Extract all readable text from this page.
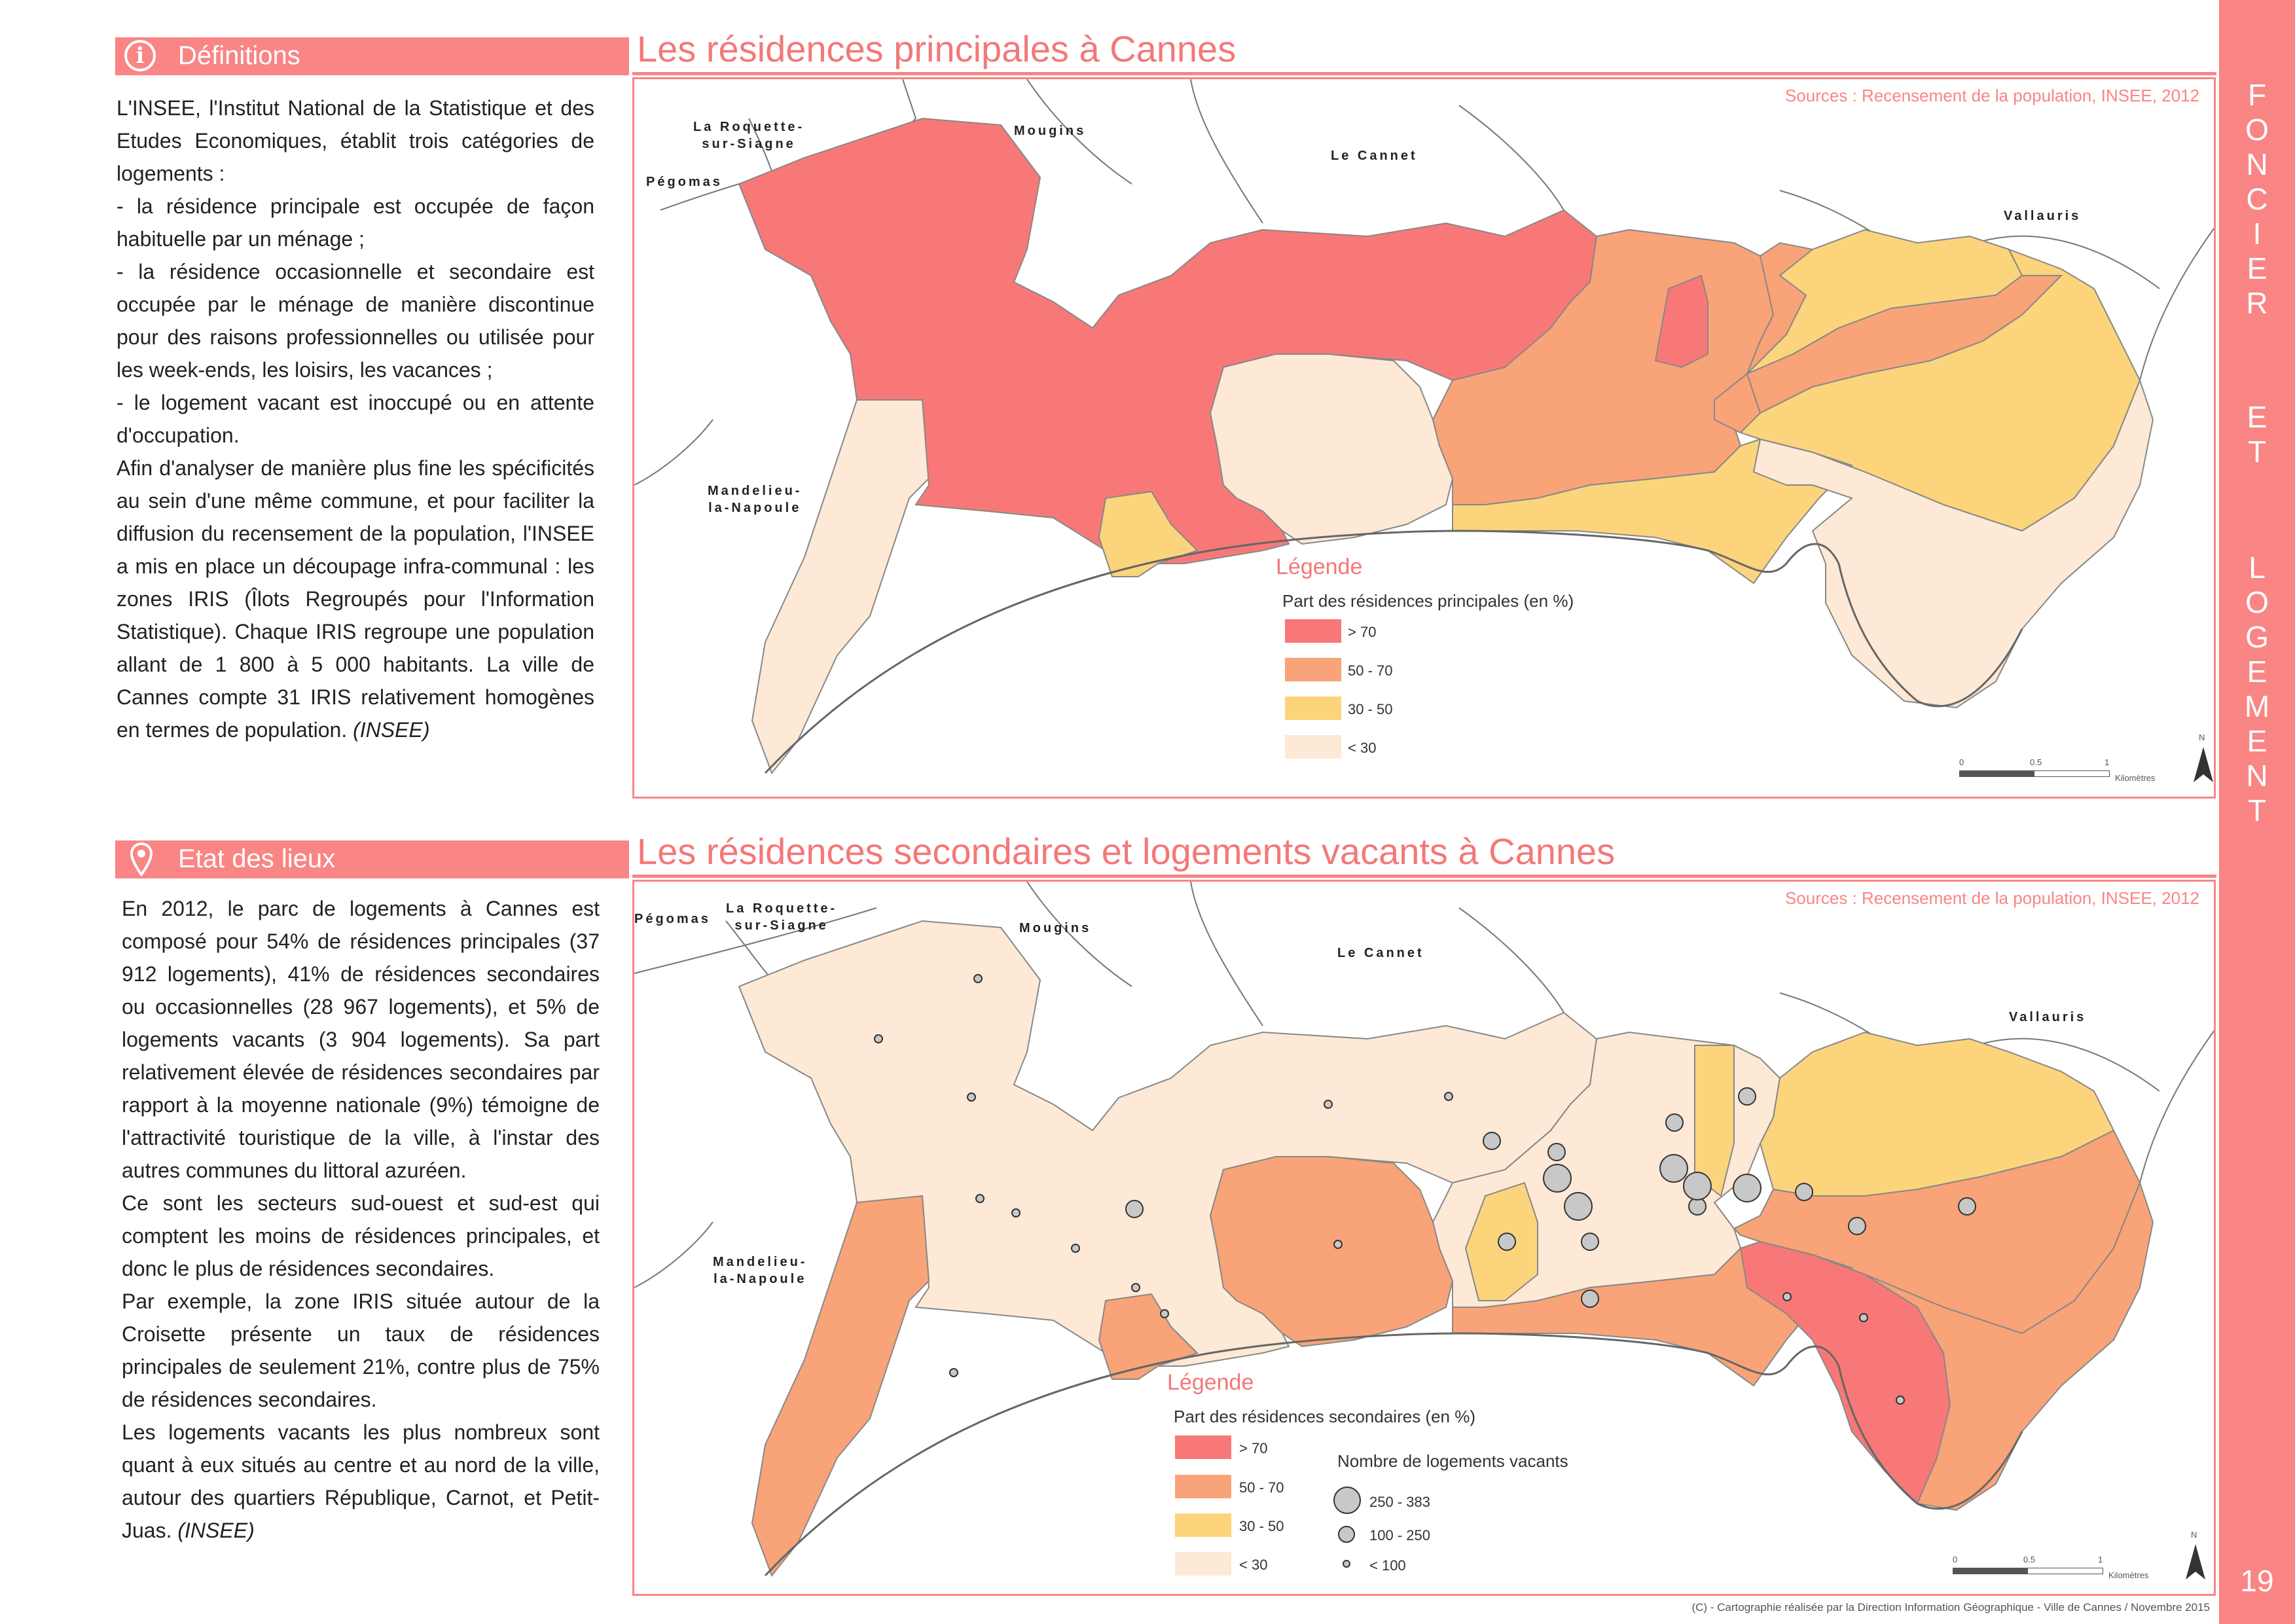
F
O
N
C
I
E
R
E
T
L
O
G
E
M
E
N
T
19
i	Définitions

L'INSEE, l'Institut National de la Statistique et des Etudes Economiques, établit trois catégories de logements :

- la résidence principale est occupée de façon habituelle par un ménage ;

- la résidence occasionnelle et secondaire est occupée par le ménage de manière discontinue pour des raisons professionnelles ou utilisée pour les week-ends, les loisirs, les vacances ;

- le logement vacant est inoccupé ou en attente d'occupation.

Afin d'analyser de manière plus fine les spécificités au sein d'une même commune, et pour faciliter la diffusion du recensement de la population, l'INSEE a mis en place un découpage infra-communal : les zones IRIS (Îlots Regroupés pour l'Information Statistique). Chaque IRIS regroupe une population allant de 1 800 à 5 000 habitants. La ville de Cannes compte 31 IRIS relativement homogènes en termes de population. (INSEE)

Etat des lieux

En 2012, le parc de logements à Cannes est composé pour 54% de résidences principales (37 912 logements), 41% de résidences secondaires ou occasionnelles (28 967 logements), et 5% de logements vacants (3 904 logements). Sa part relativement élevée de résidences secondaires par rapport à la moyenne nationale (9%) témoigne de l'attractivité touristique de la ville, à l'instar des autres communes du littoral azuréen.

Ce sont les secteurs sud-ouest et sud-est qui comptent les moins de résidences principales, et donc le plus de résidences secondaires.

Par exemple, la zone IRIS située autour de la Croisette présente un taux de résidences principales de seulement 21%, contre plus de 75% de résidences secondaires.

Les logements vacants les plus nombreux sont quant à eux situés au centre et au nord de la ville, autour des quartiers République, Carnot, et Petit-Juas. (INSEE)

Les résidences principales à Cannes
Sources : Recensement de la population, INSEE, 2012
La Roquette-
sur-Siagne
Pégomas
Mougins
Le Cannet
Vallauris
Mandelieu-
la-Napoule
Légende
Part des résidences principales (en %)
> 70
50 - 70
30 - 50
< 30
0	0.5	1
Kilomètres
N
Les résidences secondaires et logements vacants à Cannes
Sources : Recensement de la population, INSEE, 2012
La Roquette-
sur-Siagne
Pégomas
Mougins
Le Cannet
Vallauris
Mandelieu-
la-Napoule
Légende
Part des résidences secondaires (en %)
> 70
50 - 70
30 - 50
< 30
Nombre de logements vacants
250 - 383
100 - 250
< 100	0	0.5	1
Kilomètres
N
(C) - Cartographie réalisée par la Direction Information Géographique - Ville de Cannes / Novembre 2015
